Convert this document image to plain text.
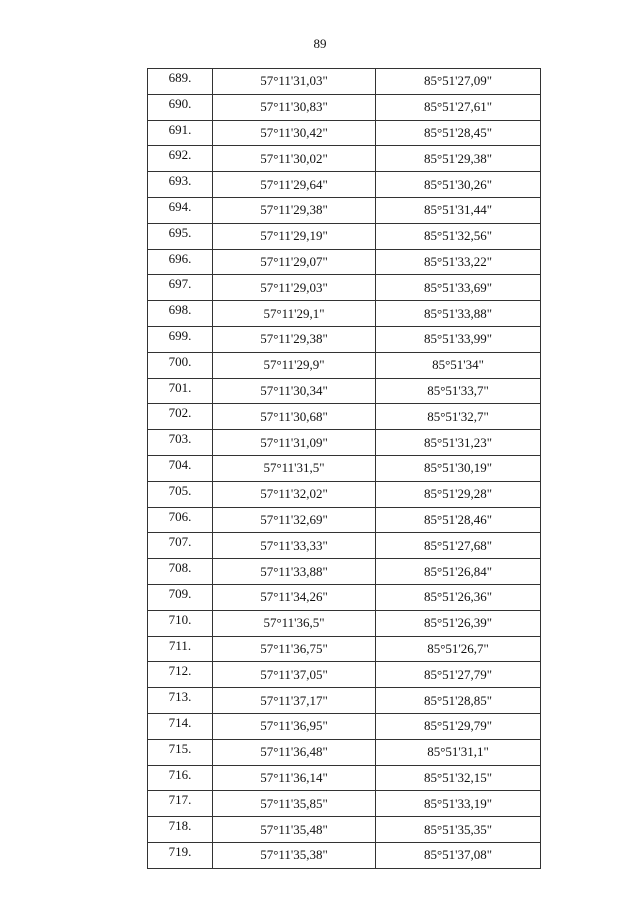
89
689.	57°11'31,03"	85°51'27,09"
690.	57°11'30,83"	85°51'27,61"
691.	57°11'30,42"	85°51'28,45"
692.	57°11'30,02"	85°51'29,38"
693.	57°11'29,64"	85°51'30,26"
694.	57°11'29,38"	85°51'31,44"
695.	57°11'29,19"	85°51'32,56"
696.	57°11'29,07"	85°51'33,22"
697.	57°11'29,03"	85°51'33,69"
698.	57°11'29,1"	85°51'33,88"
699.	57°11'29,38"	85°51'33,99"
700.	57°11'29,9"	85°51'34"
701.	57°11'30,34"	85°51'33,7"
702.	57°11'30,68"	85°51'32,7"
703.	57°11'31,09"	85°51'31,23"
704.	57°11'31,5"	85°51'30,19"
705.	57°11'32,02"	85°51'29,28"
706.	57°11'32,69"	85°51'28,46"
707.	57°11'33,33"	85°51'27,68"
708.	57°11'33,88"	85°51'26,84"
709.	57°11'34,26"	85°51'26,36"
710.	57°11'36,5"	85°51'26,39"
711.	57°11'36,75"	85°51'26,7"
712.	57°11'37,05"	85°51'27,79"
713.	57°11'37,17"	85°51'28,85"
714.	57°11'36,95"	85°51'29,79"
715.	57°11'36,48"	85°51'31,1"
716.	57°11'36,14"	85°51'32,15"
717.	57°11'35,85"	85°51'33,19"
718.	57°11'35,48"	85°51'35,35"
719.	57°11'35,38"	85°51'37,08"
